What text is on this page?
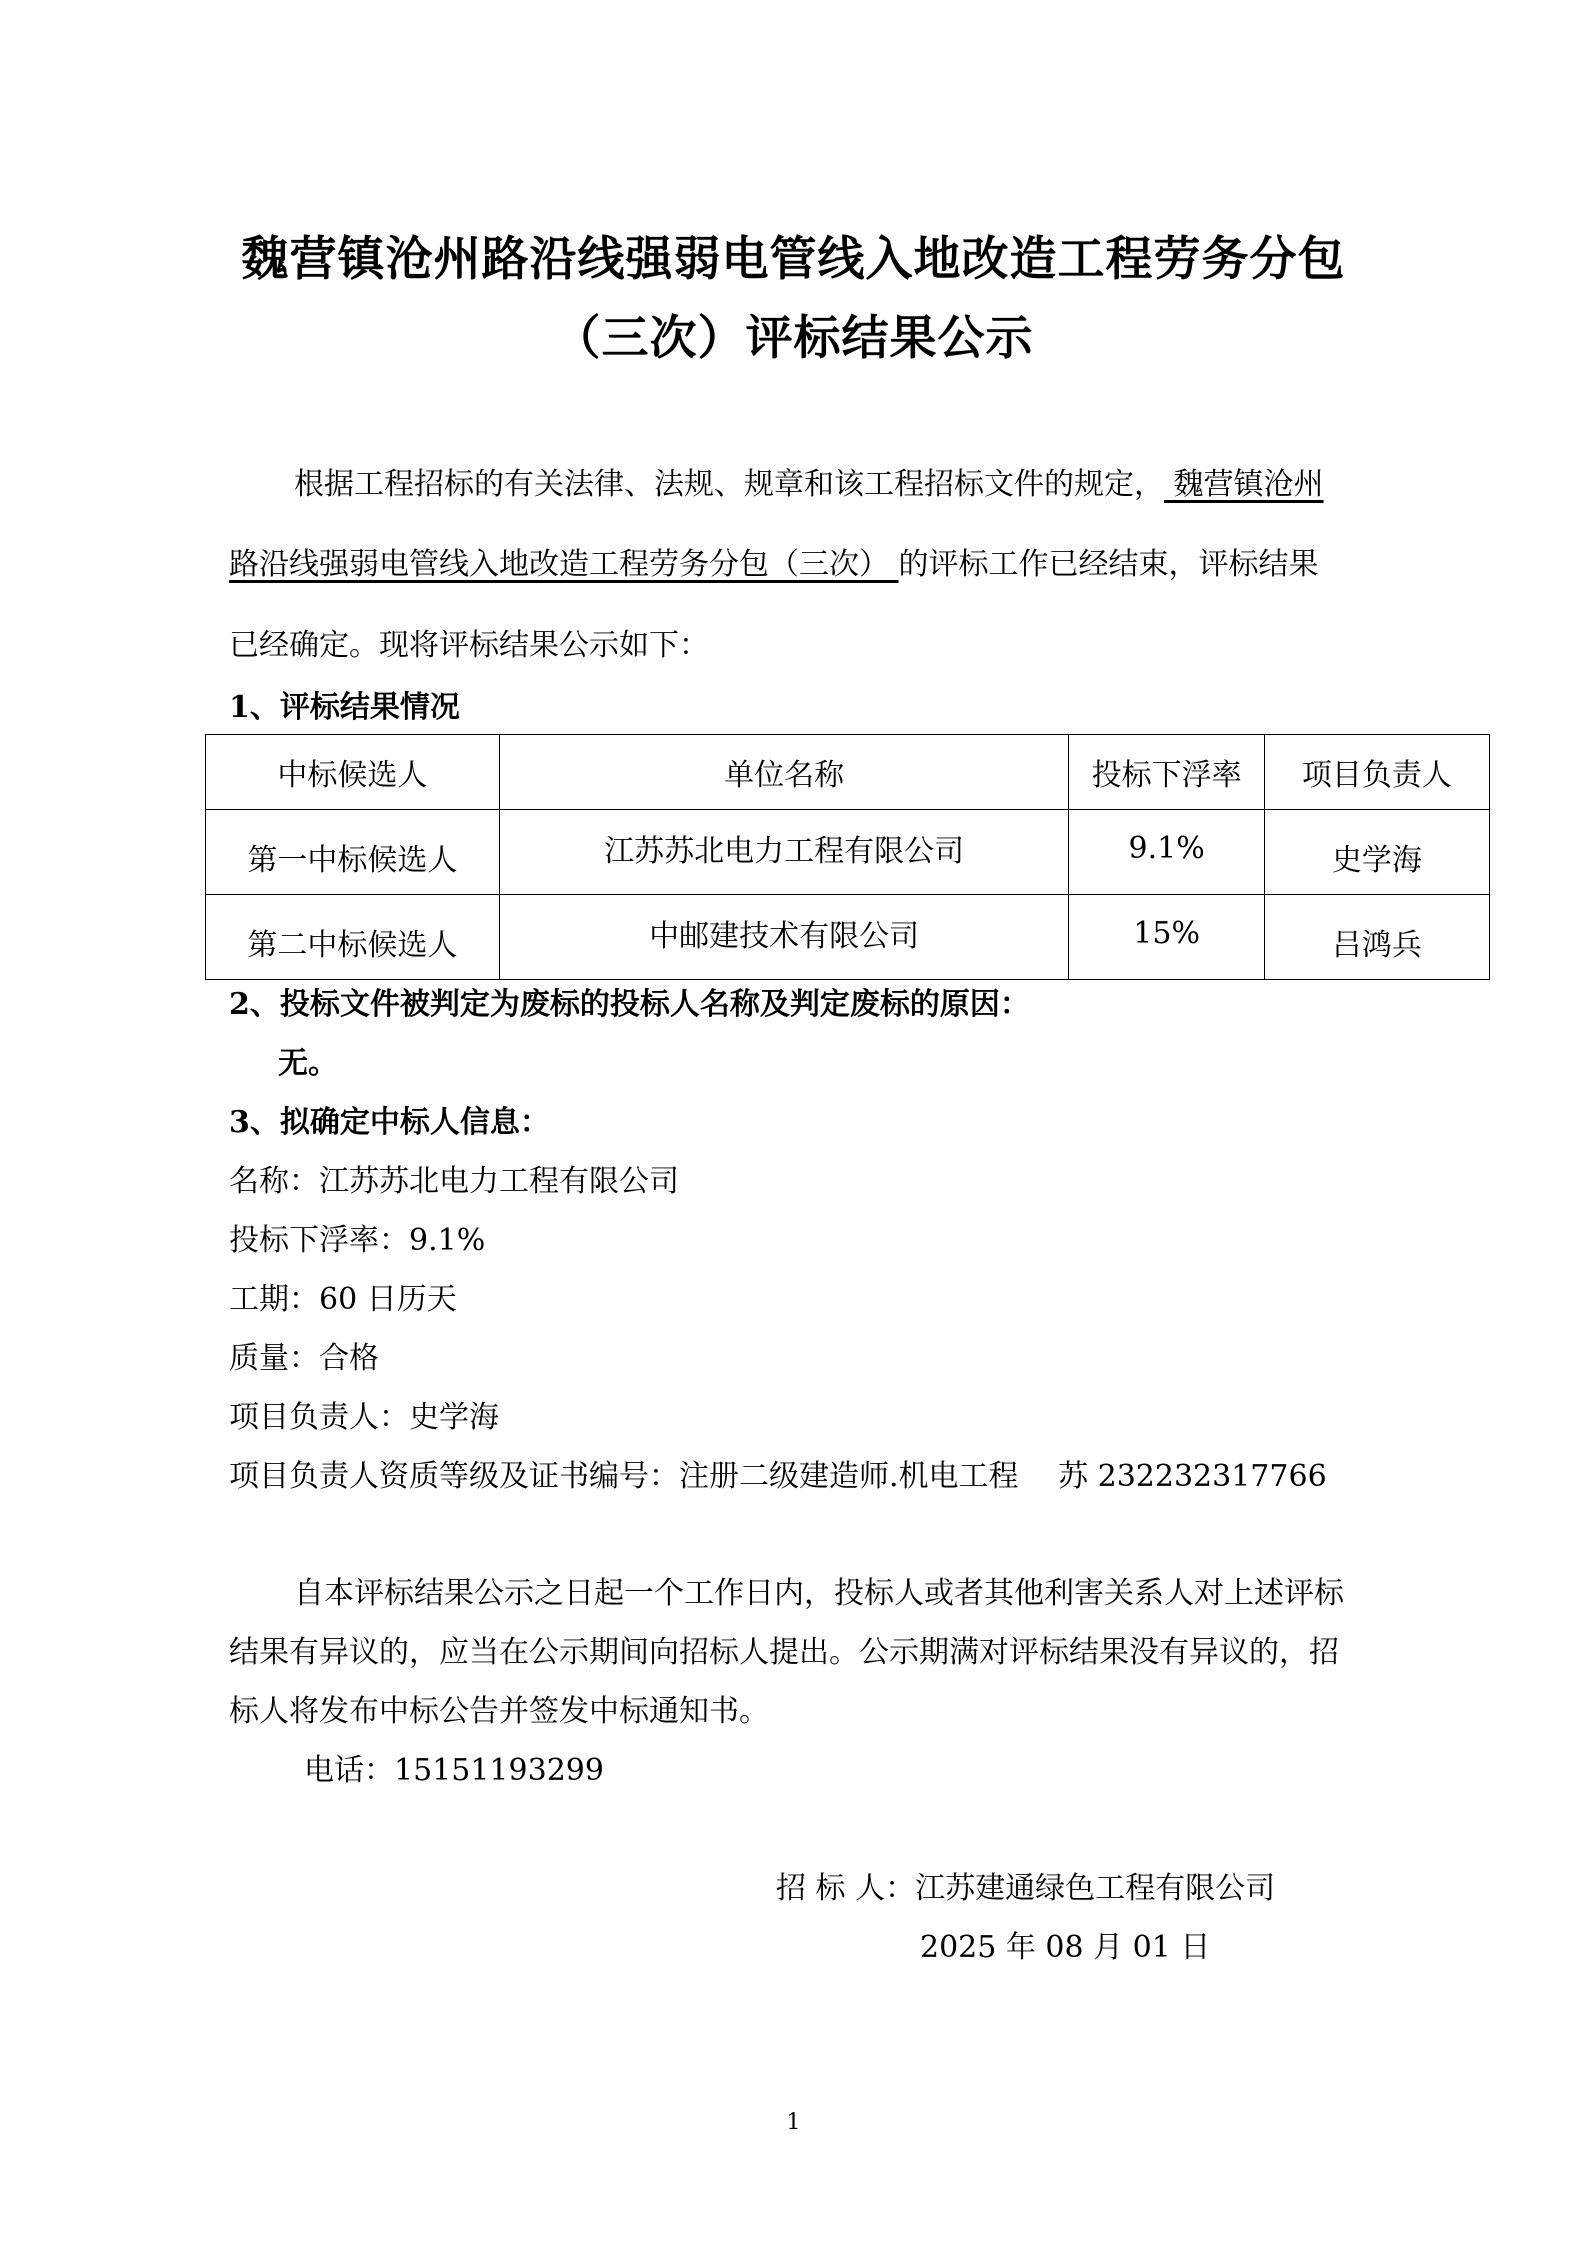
魏营镇沧州路沿线强弱电管线入地改造工程劳务分包
（三次）评标结果公示
根据工程招标的有关法律、法规、规章和该工程招标文件的规定， 魏营镇沧州
路沿线强弱电管线入地改造工程劳务分包（三次） 的评标工作已经结束，评标结果
已经确定。现将评标结果公示如下：
1、评标结果情况
中标候选人	单位名称	投标下浮率	项目负责人
第一中标候选人	江苏苏北电力工程有限公司	9.1%	史学海
第二中标候选人	中邮建技术有限公司	15%	吕鸿兵
2、投标文件被判定为废标的投标人名称及判定废标的原因：
无。
3、拟确定中标人信息：
名称：江苏苏北电力工程有限公司
投标下浮率：9.1%
工期：60 日历天
质量：合格
项目负责人：史学海
项目负责人资质等级及证书编号：注册二级建造师.机电工程　 苏 232232317766
自本评标结果公示之日起一个工作日内，投标人或者其他利害关系人对上述评标
结果有异议的，应当在公示期间向招标人提出。公示期满对评标结果没有异议的，招
标人将发布中标公告并签发中标通知书。
电话：15151193299
招 标 人：江苏建通绿色工程有限公司
2025 年 08 月 01 日
1
